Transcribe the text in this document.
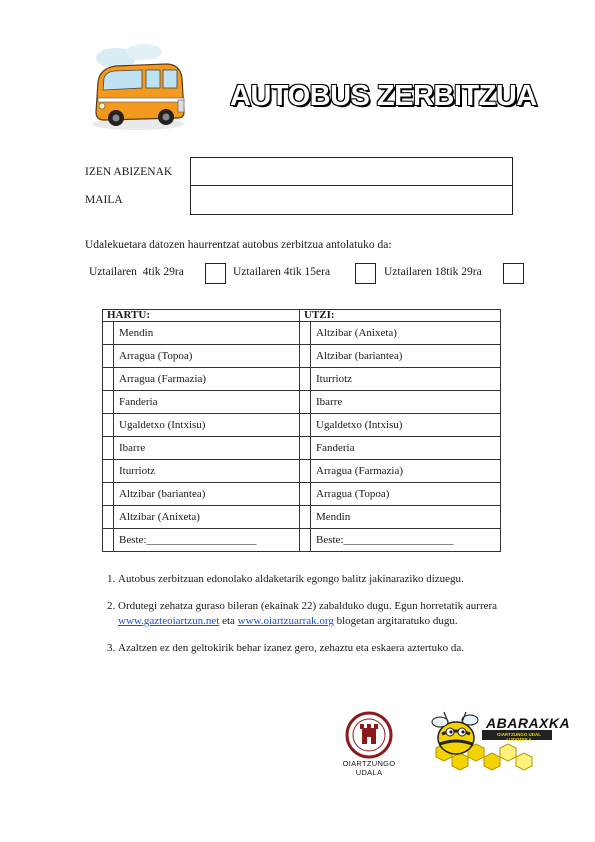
AUTOBUS ZERBITZUA
IZEN ABIZENAK
MAILA
Udalekuetara datozen haurrentzat autobus zerbitzua antolatuko da:
Uztailaren  4tik 29ra	Uztailaren 4tik 15era	Uztailaren 18tik 29ra
HARTU:		UTZI:	
	Mendin		Altzibar (Anixeta)
	Arragua (Topoa)		Altzibar (bariantea)
	Arragua (Farmazia)		Iturriotz
	Fanderia		Ibarre
	Ugaldetxo (Intxisu)		Ugaldetxo (Intxisu)
	Ibarre		Fanderia
	Iturriotz		Arragua (Farmazia)
	Altzibar (bariantea)		Arragua (Topoa)
	Altzibar (Anixeta)		Mendin
	Beste:____________________		Beste:____________________
1. Autobus zerbitzuan edonolako aldaketarik egongo balitz jakinaraziko dizuegu.
2. Ordutegi zehatza guraso bileran (ekainak 22) zabalduko dugu. Egun horretatik aurrera www.gazteoiartzun.net eta www.oiartzuarrak.org blogetan argitaratuko dugu.
3. Azaltzen ez den geltokirik behar izanez gero, zehaztu eta eskaera aztertuko da.
OIARTZUNGO
UDALA
ABARAXKA
OIARTZUNGO UDAL LUDOTEKA
